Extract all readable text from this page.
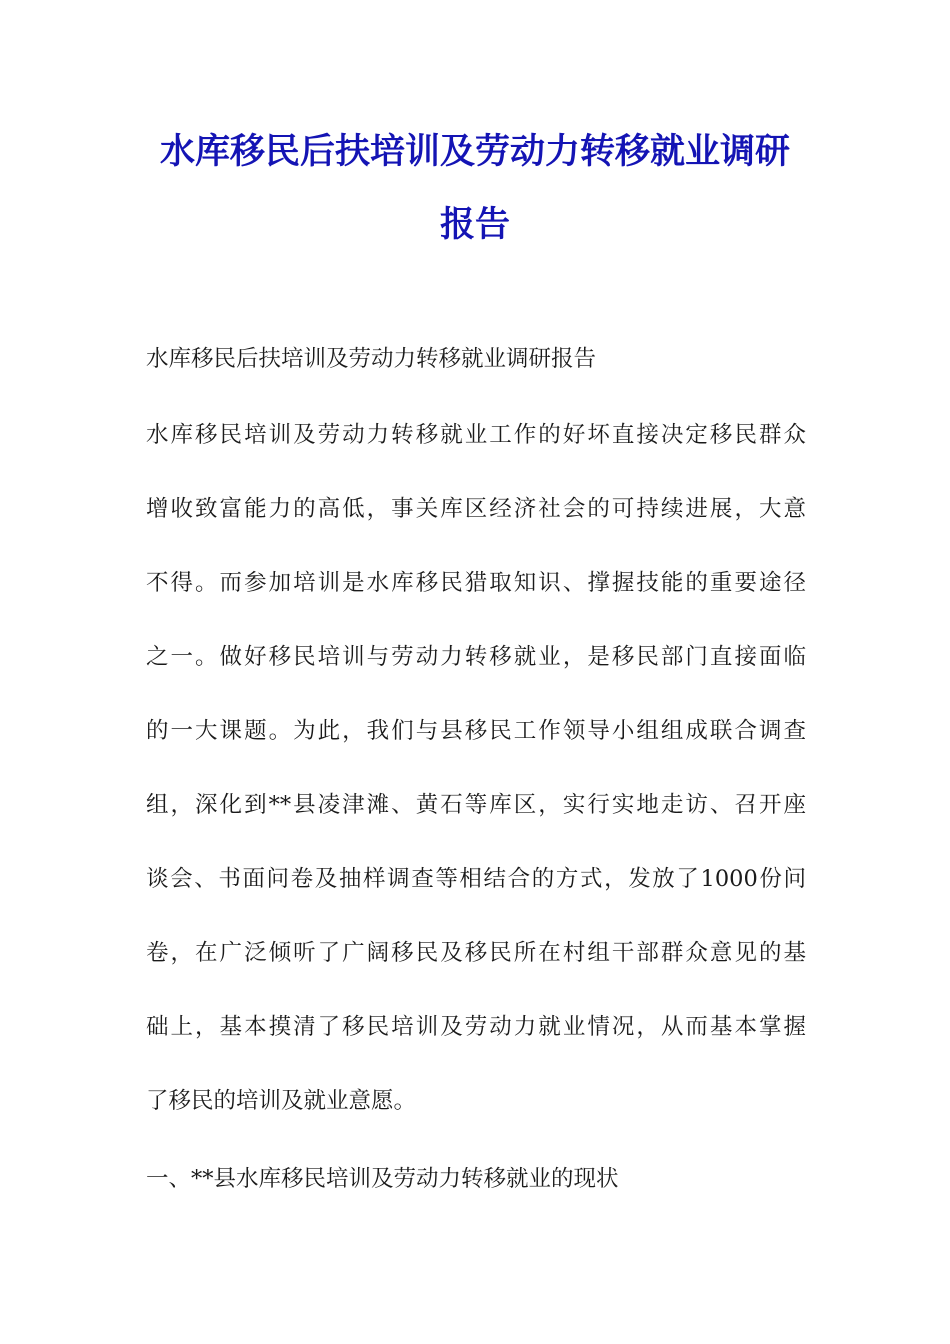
水库移民后扶培训及劳动力转移就业调研
报告
水库移民后扶培训及劳动力转移就业调研报告
水库移民培训及劳动力转移就业工作的好坏直接决定移民群众
增收致富能力的高低，事关库区经济社会的可持续进展，大意
不得。而参加培训是水库移民猎取知识、撑握技能的重要途径
之一。做好移民培训与劳动力转移就业，是移民部门直接面临
的一大课题。为此，我们与县移民工作领导小组组成联合调查
组，深化到**县凌津滩、黄石等库区，实行实地走访、召开座
谈会、书面问卷及抽样调查等相结合的方式，发放了1000份问
卷，在广泛倾听了广阔移民及移民所在村组干部群众意见的基
础上，基本摸清了移民培训及劳动力就业情况，从而基本掌握
了移民的培训及就业意愿。
一、**县水库移民培训及劳动力转移就业的现状
